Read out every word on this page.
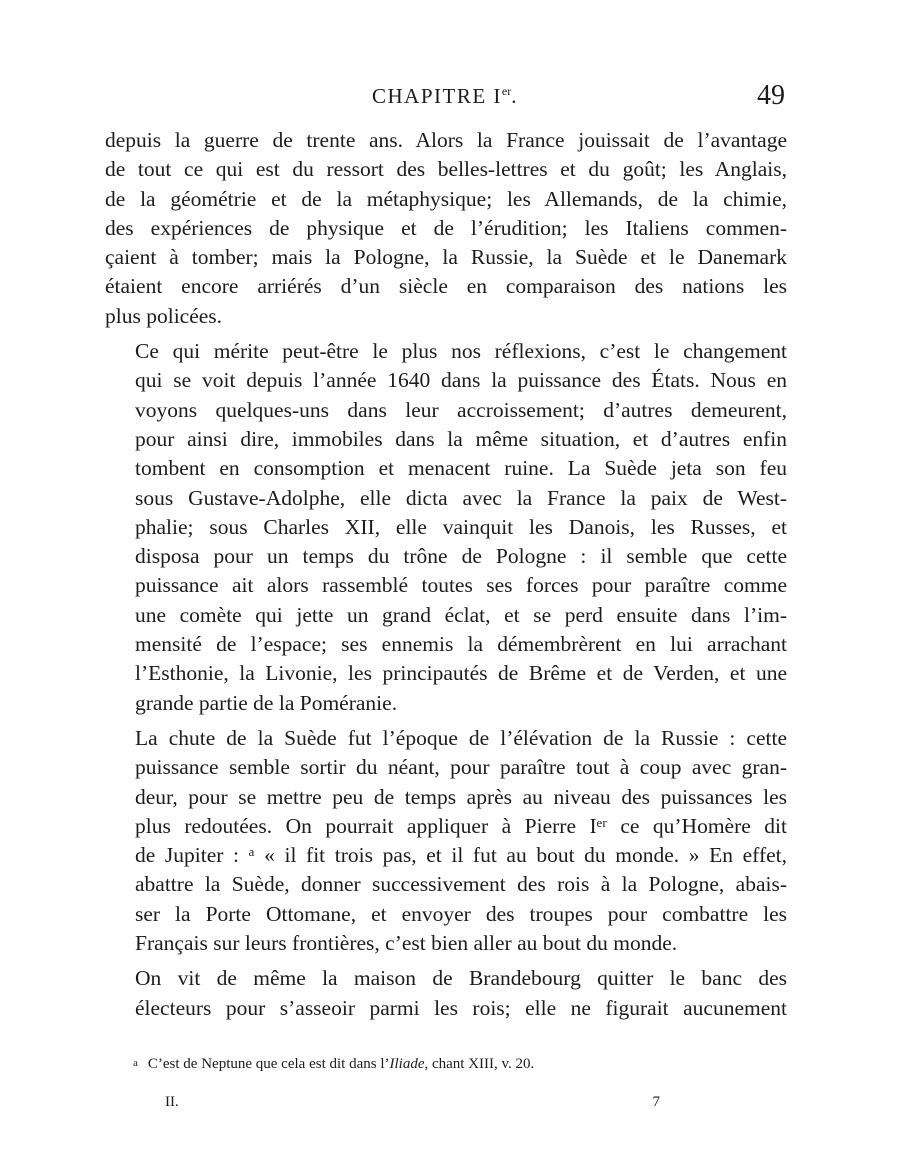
CHAPITRE Ier.	49

depuis la guerre de trente ans. Alors la France jouissait de l’avantage
de tout ce qui est du ressort des belles-lettres et du goût; les Anglais,
de la géométrie et de la métaphysique; les Allemands, de la chimie,
des expériences de physique et de l’érudition; les Italiens commen-
çaient à tomber; mais la Pologne, la Russie, la Suède et le Danemark
étaient encore arriérés d’un siècle en comparaison des nations les
plus policées.

Ce qui mérite peut-être le plus nos réflexions, c’est le changement
qui se voit depuis l’année 1640 dans la puissance des États. Nous en
voyons quelques-uns dans leur accroissement; d’autres demeurent,
pour ainsi dire, immobiles dans la même situation, et d’autres enfin
tombent en consomption et menacent ruine. La Suède jeta son feu
sous Gustave-Adolphe, elle dicta avec la France la paix de West-
phalie; sous Charles XII, elle vainquit les Danois, les Russes, et
disposa pour un temps du trône de Pologne : il semble que cette
puissance ait alors rassemblé toutes ses forces pour paraître comme
une comète qui jette un grand éclat, et se perd ensuite dans l’im-
mensité de l’espace; ses ennemis la démembrèrent en lui arrachant
l’Esthonie, la Livonie, les principautés de Brême et de Verden, et une
grande partie de la Poméranie.

La chute de la Suède fut l’époque de l’élévation de la Russie : cette
puissance semble sortir du néant, pour paraître tout à coup avec gran-
deur, pour se mettre peu de temps après au niveau des puissances les
plus redoutées. On pourrait appliquer à Pierre Iᵉʳ ce qu’Homère dit
de Jupiter : ᵃ « il fit trois pas, et il fut au bout du monde. » En effet,
abattre la Suède, donner successivement des rois à la Pologne, abais-
ser la Porte Ottomane, et envoyer des troupes pour combattre les
Français sur leurs frontières, c’est bien aller au bout du monde.

On vit de même la maison de Brandebourg quitter le banc des
électeurs pour s’asseoir parmi les rois; elle ne figurait aucunement

a C’est de Neptune que cela est dit dans l’Iliade, chant XIII, v. 20.
II.	7
